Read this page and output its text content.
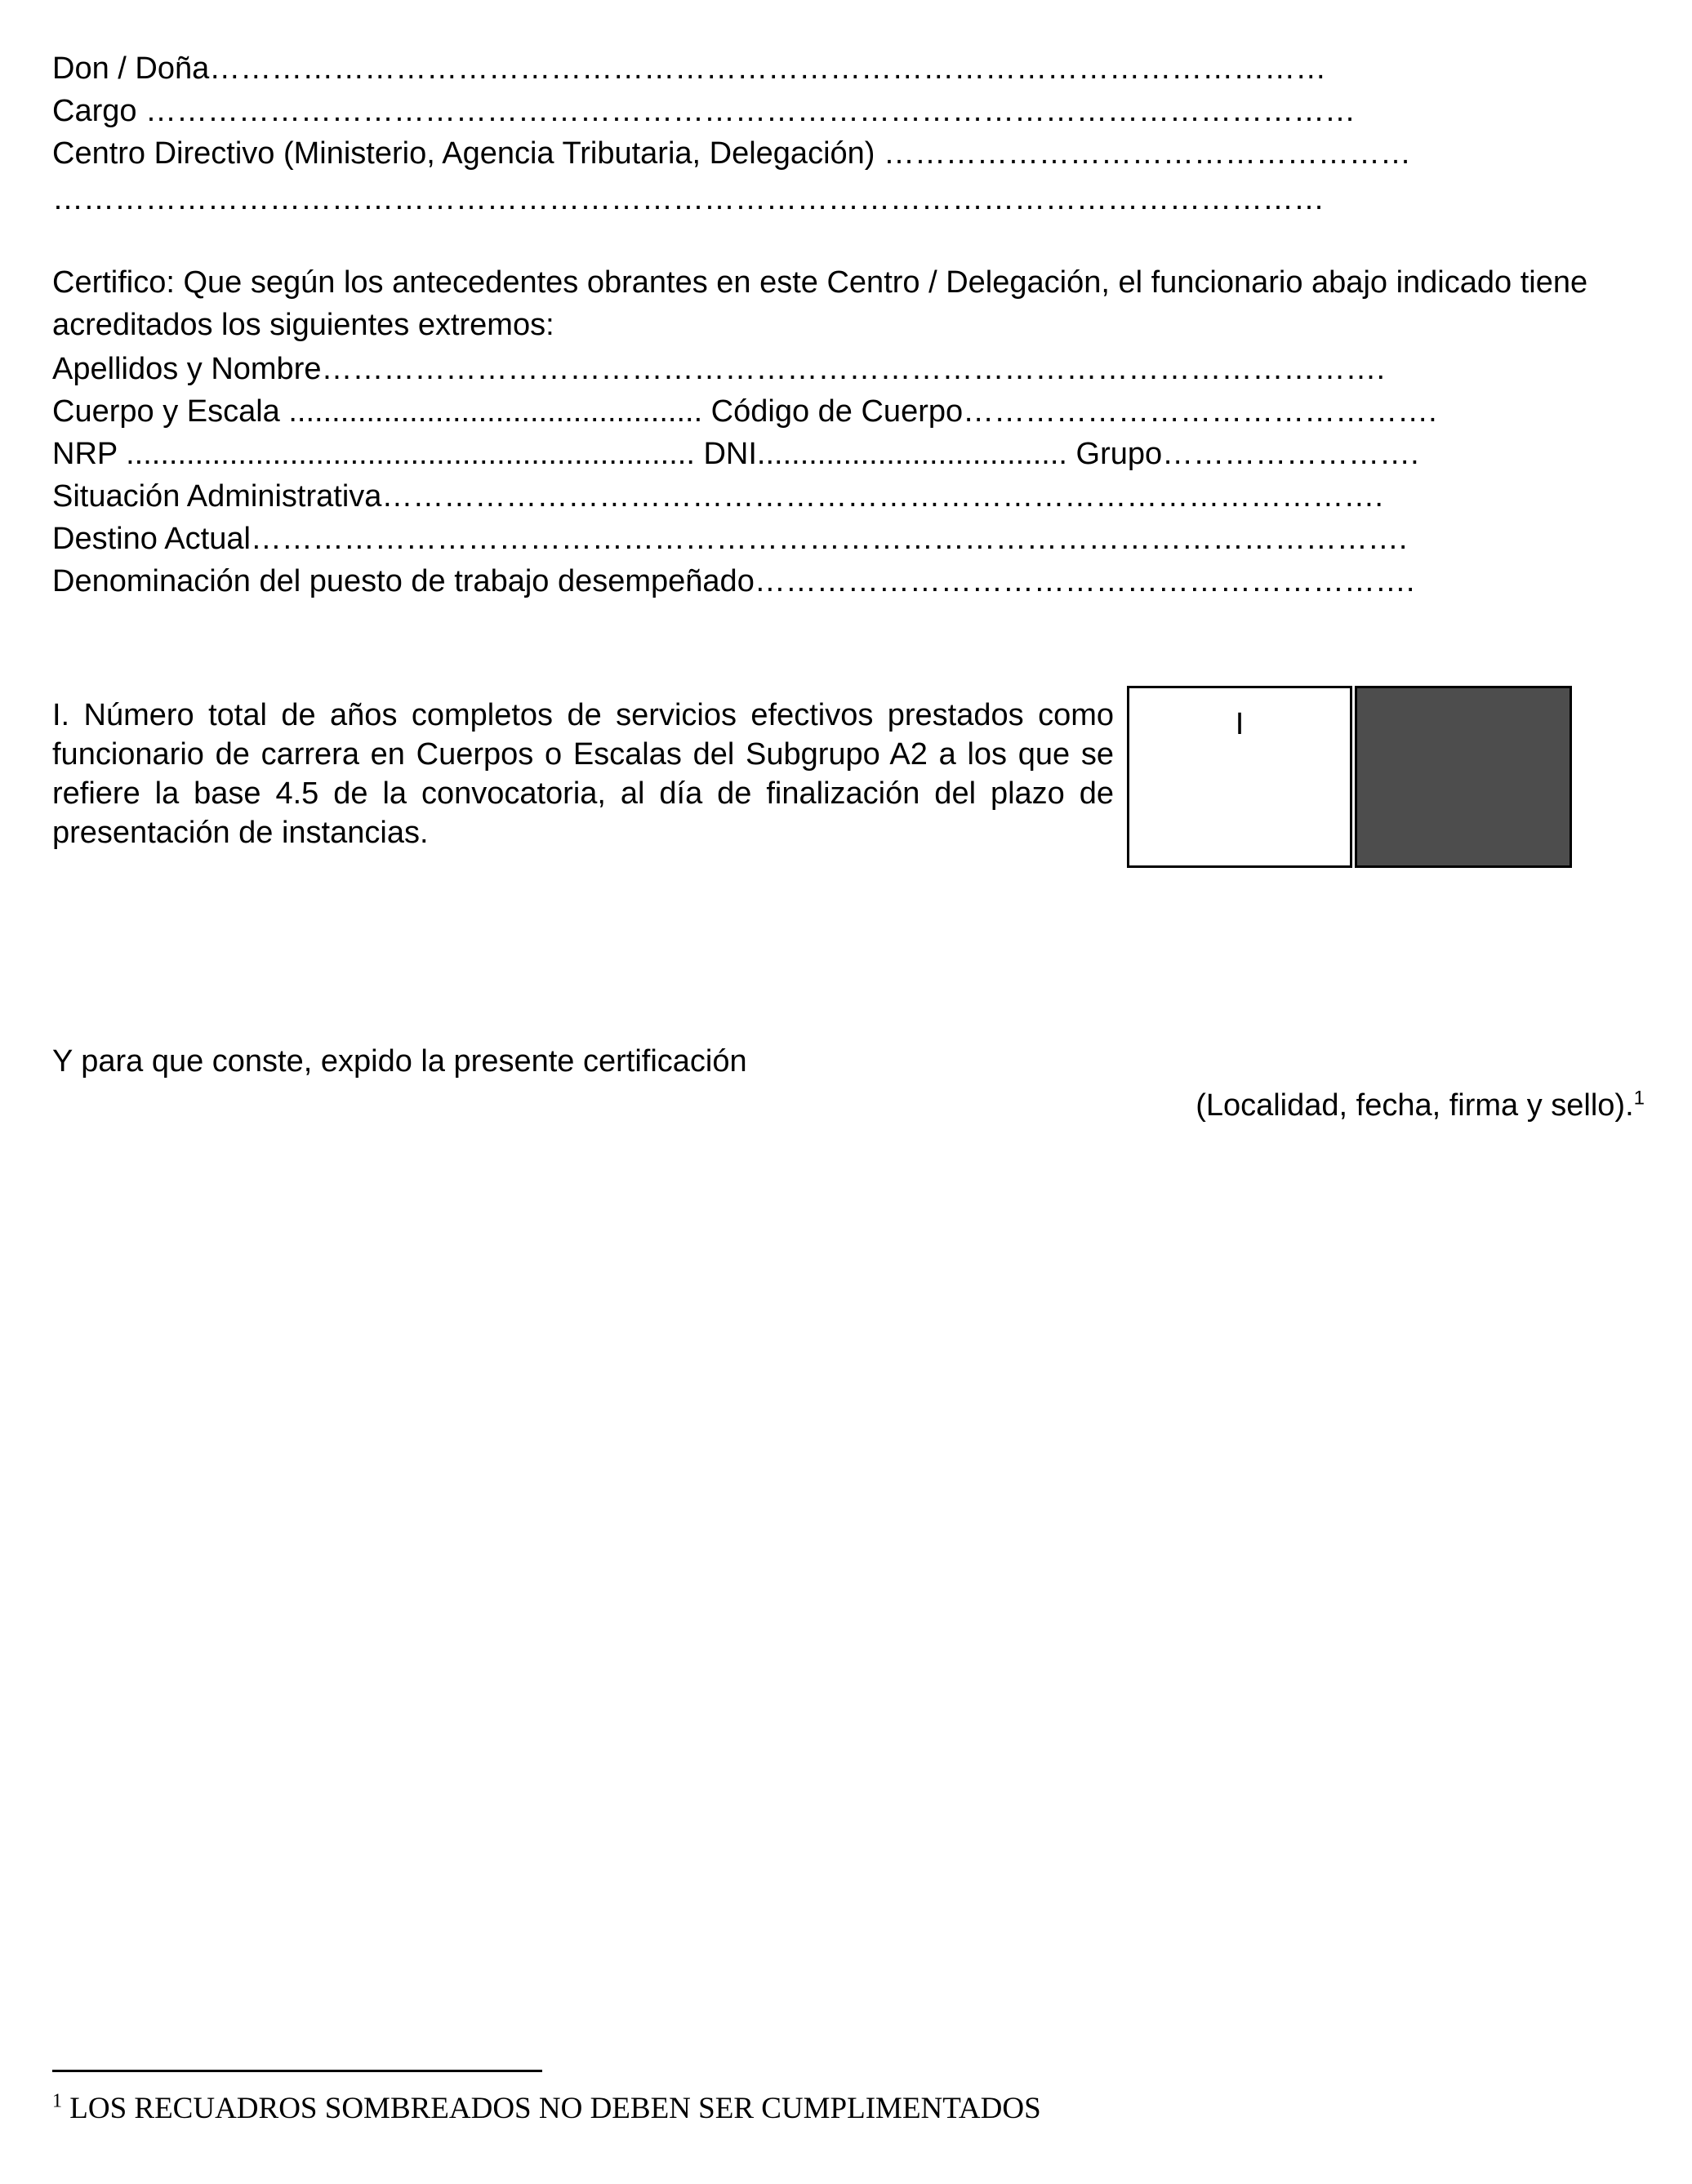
Don / Doña………………………………………………………………………………………………
Cargo ………………………………………………………………………………………………………
Centro Directivo (Ministerio, Agencia Tributaria, Delegación) ……………………………………………
……………………………………………………………………………………………………………
Certifico: Que según los antecedentes obrantes en este Centro / Delegación, el funcionario abajo indicado tiene acreditados los siguientes extremos:
Apellidos y Nombre………………………………………………………………………………………….
Cuerpo y Escala ................................................ Código de Cuerpo……………………………………….
NRP .................................................................. DNI.................................... Grupo…………………….
Situación Administrativa…………………………………………………………………………………….
Destino Actual………………………………………………………………………………………………….
Denominación del puesto de trabajo desempeñado……………………………………………………….
I. Número total de años completos de servicios efectivos prestados como funcionario de carrera en Cuerpos o Escalas del Subgrupo A2 a los que se refiere la base 4.5 de la convocatoria, al día de finalización del plazo de presentación de instancias.
I
Y para que conste, expido la presente certificación
(Localidad, fecha, firma y sello).$^1$
$^1$ LOS RECUADROS SOMBREADOS NO DEBEN SER CUMPLIMENTADOS
